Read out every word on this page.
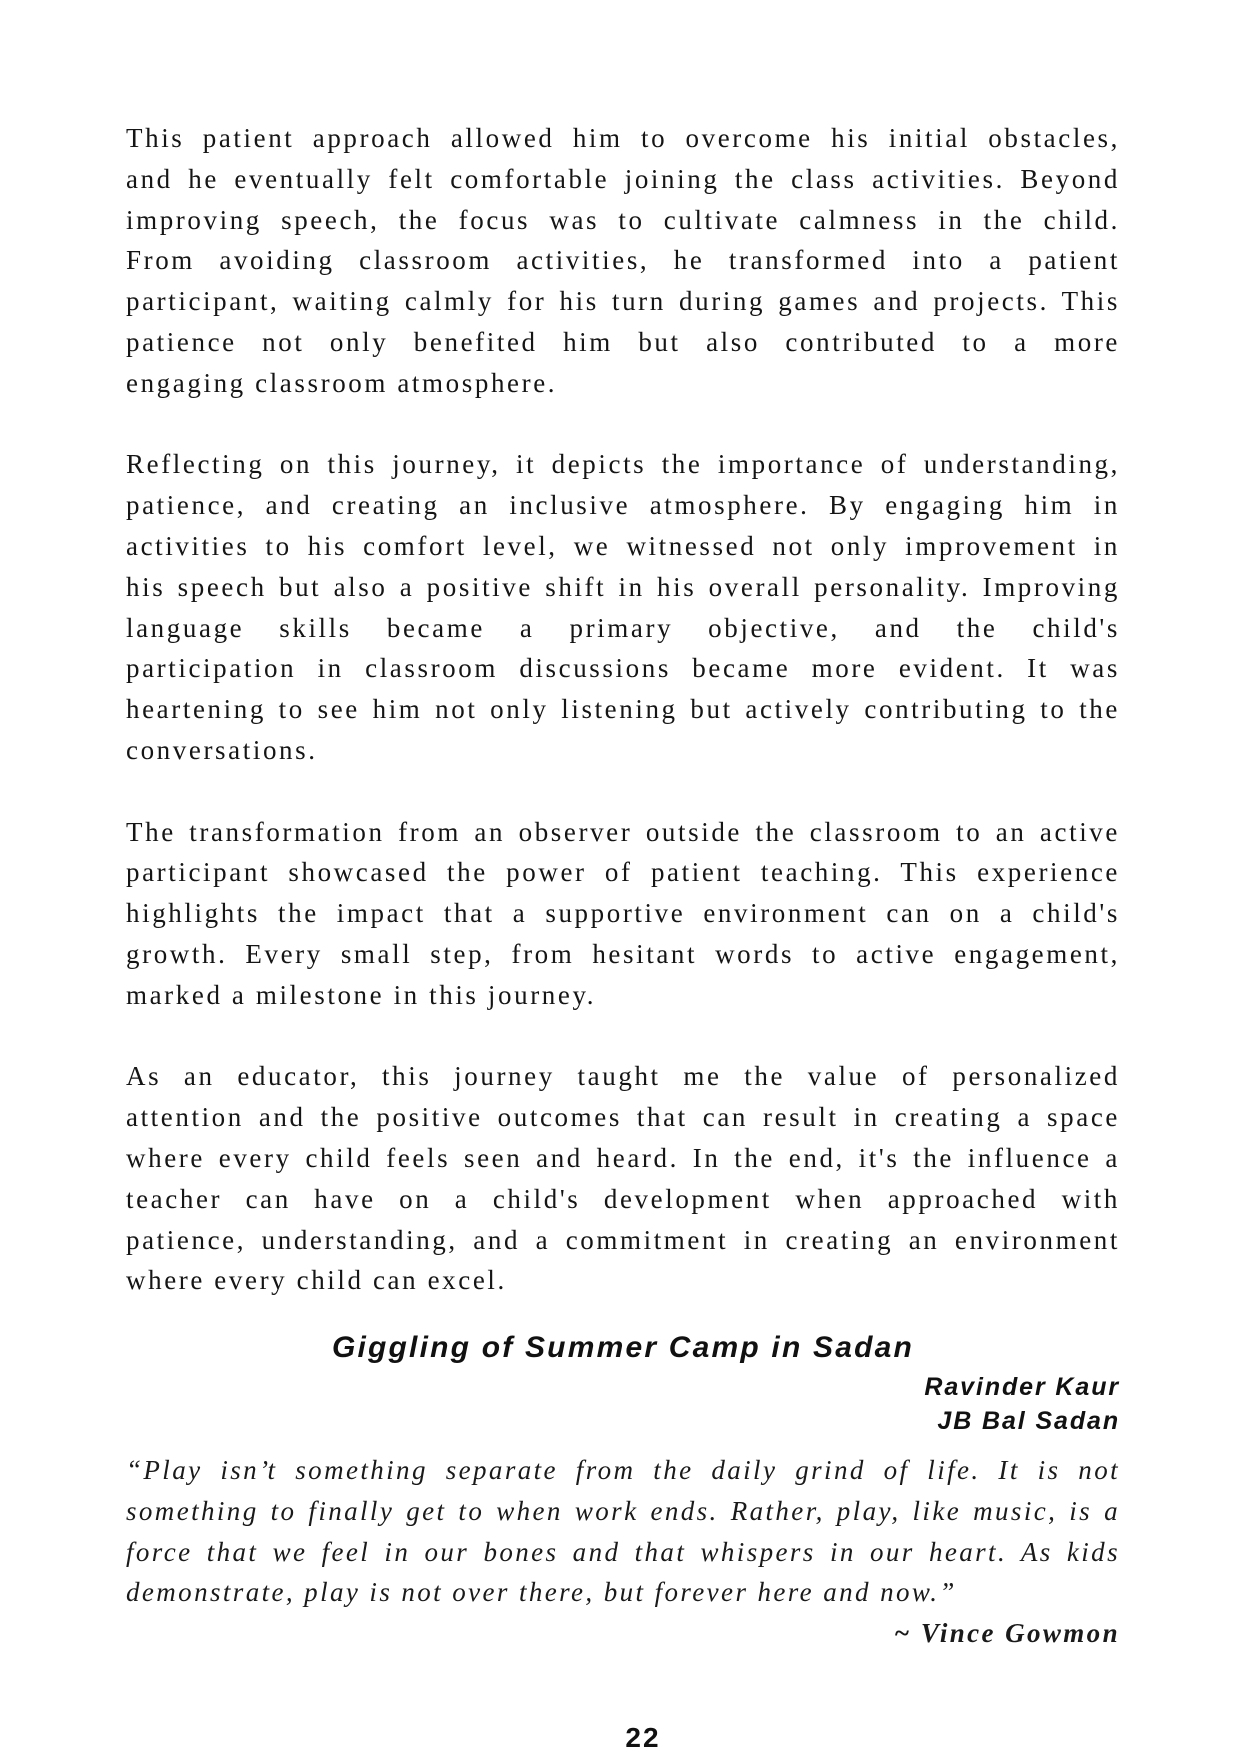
This patient approach allowed him to overcome his initial obstacles,
and he eventually felt comfortable joining the class activities. Beyond
improving speech, the focus was to cultivate calmness in the child.
From avoiding classroom activities, he transformed into a patient
participant, waiting calmly for his turn during games and projects. This
patience not only benefited him but also contributed to a more
engaging classroom atmosphere.
Reflecting on this journey, it depicts the importance of understanding,
patience, and creating an inclusive atmosphere. By engaging him in
activities to his comfort level, we witnessed not only improvement in
his speech but also a positive shift in his overall personality. Improving
language skills became a primary objective, and the child's
participation in classroom discussions became more evident. It was
heartening to see him not only listening but actively contributing to the
conversations.
The transformation from an observer outside the classroom to an active
participant showcased the power of patient teaching. This experience
highlights the impact that a supportive environment can on a child's
growth. Every small step, from hesitant words to active engagement,
marked a milestone in this journey.
As an educator, this journey taught me the value of personalized
attention and the positive outcomes that can result in creating a space
where every child feels seen and heard. In the end, it's the influence a
teacher can have on a child's development when approached with
patience, understanding, and a commitment in creating an environment
where every child can excel.
Giggling of Summer Camp in Sadan
Ravinder Kaur
JB Bal Sadan
“Play isn’t something separate from the daily grind of life. It is not
something to finally get to when work ends. Rather, play, like music, is a
force that we feel in our bones and that whispers in our heart. As kids
demonstrate, play is not over there, but forever here and now.”
~ Vince Gowmon
22
